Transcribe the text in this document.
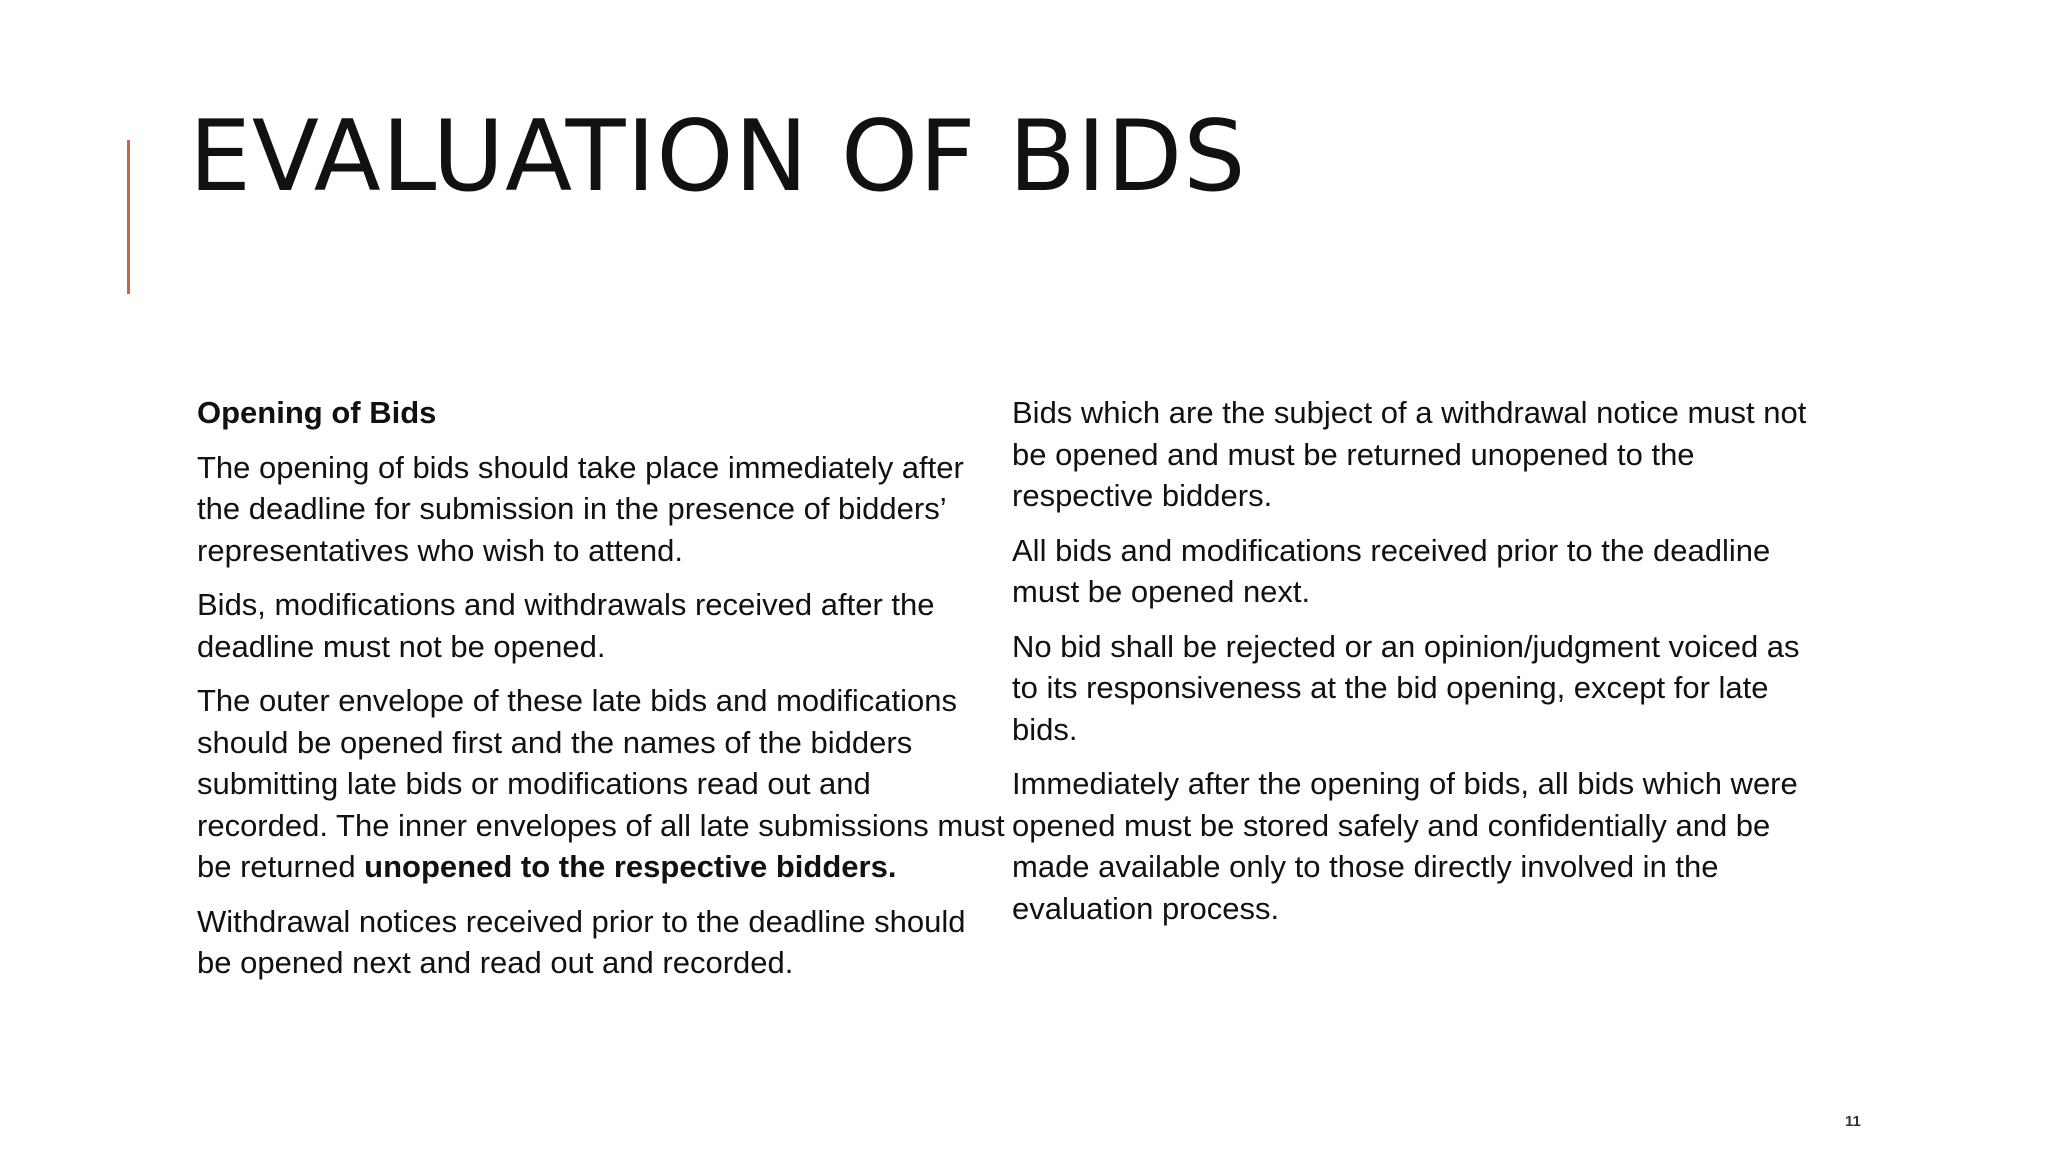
EVALUATION OF BIDS

Opening of Bids

The opening of bids should take place immediately after the deadline for submission in the presence of bidders’ representatives who wish to attend.

Bids, modifications and withdrawals received after the deadline must not be opened.

The outer envelope of these late bids and modifications should be opened first and the names of the bidders submitting late bids or modifications read out and recorded. The inner envelopes of all late submissions must be returned unopened to the respective bidders.

Withdrawal notices received prior to the deadline should be opened next and read out and recorded.

Bids which are the subject of a withdrawal notice must not be opened and must be returned unopened to the respective bidders.

All bids and modifications received prior to the deadline must be opened next.

No bid shall be rejected or an opinion/judgment voiced as to its responsiveness at the bid opening, except for late bids.

Immediately after the opening of bids, all bids which were opened must be stored safely and confidentially and be made available only to those directly involved in the evaluation process.

11
